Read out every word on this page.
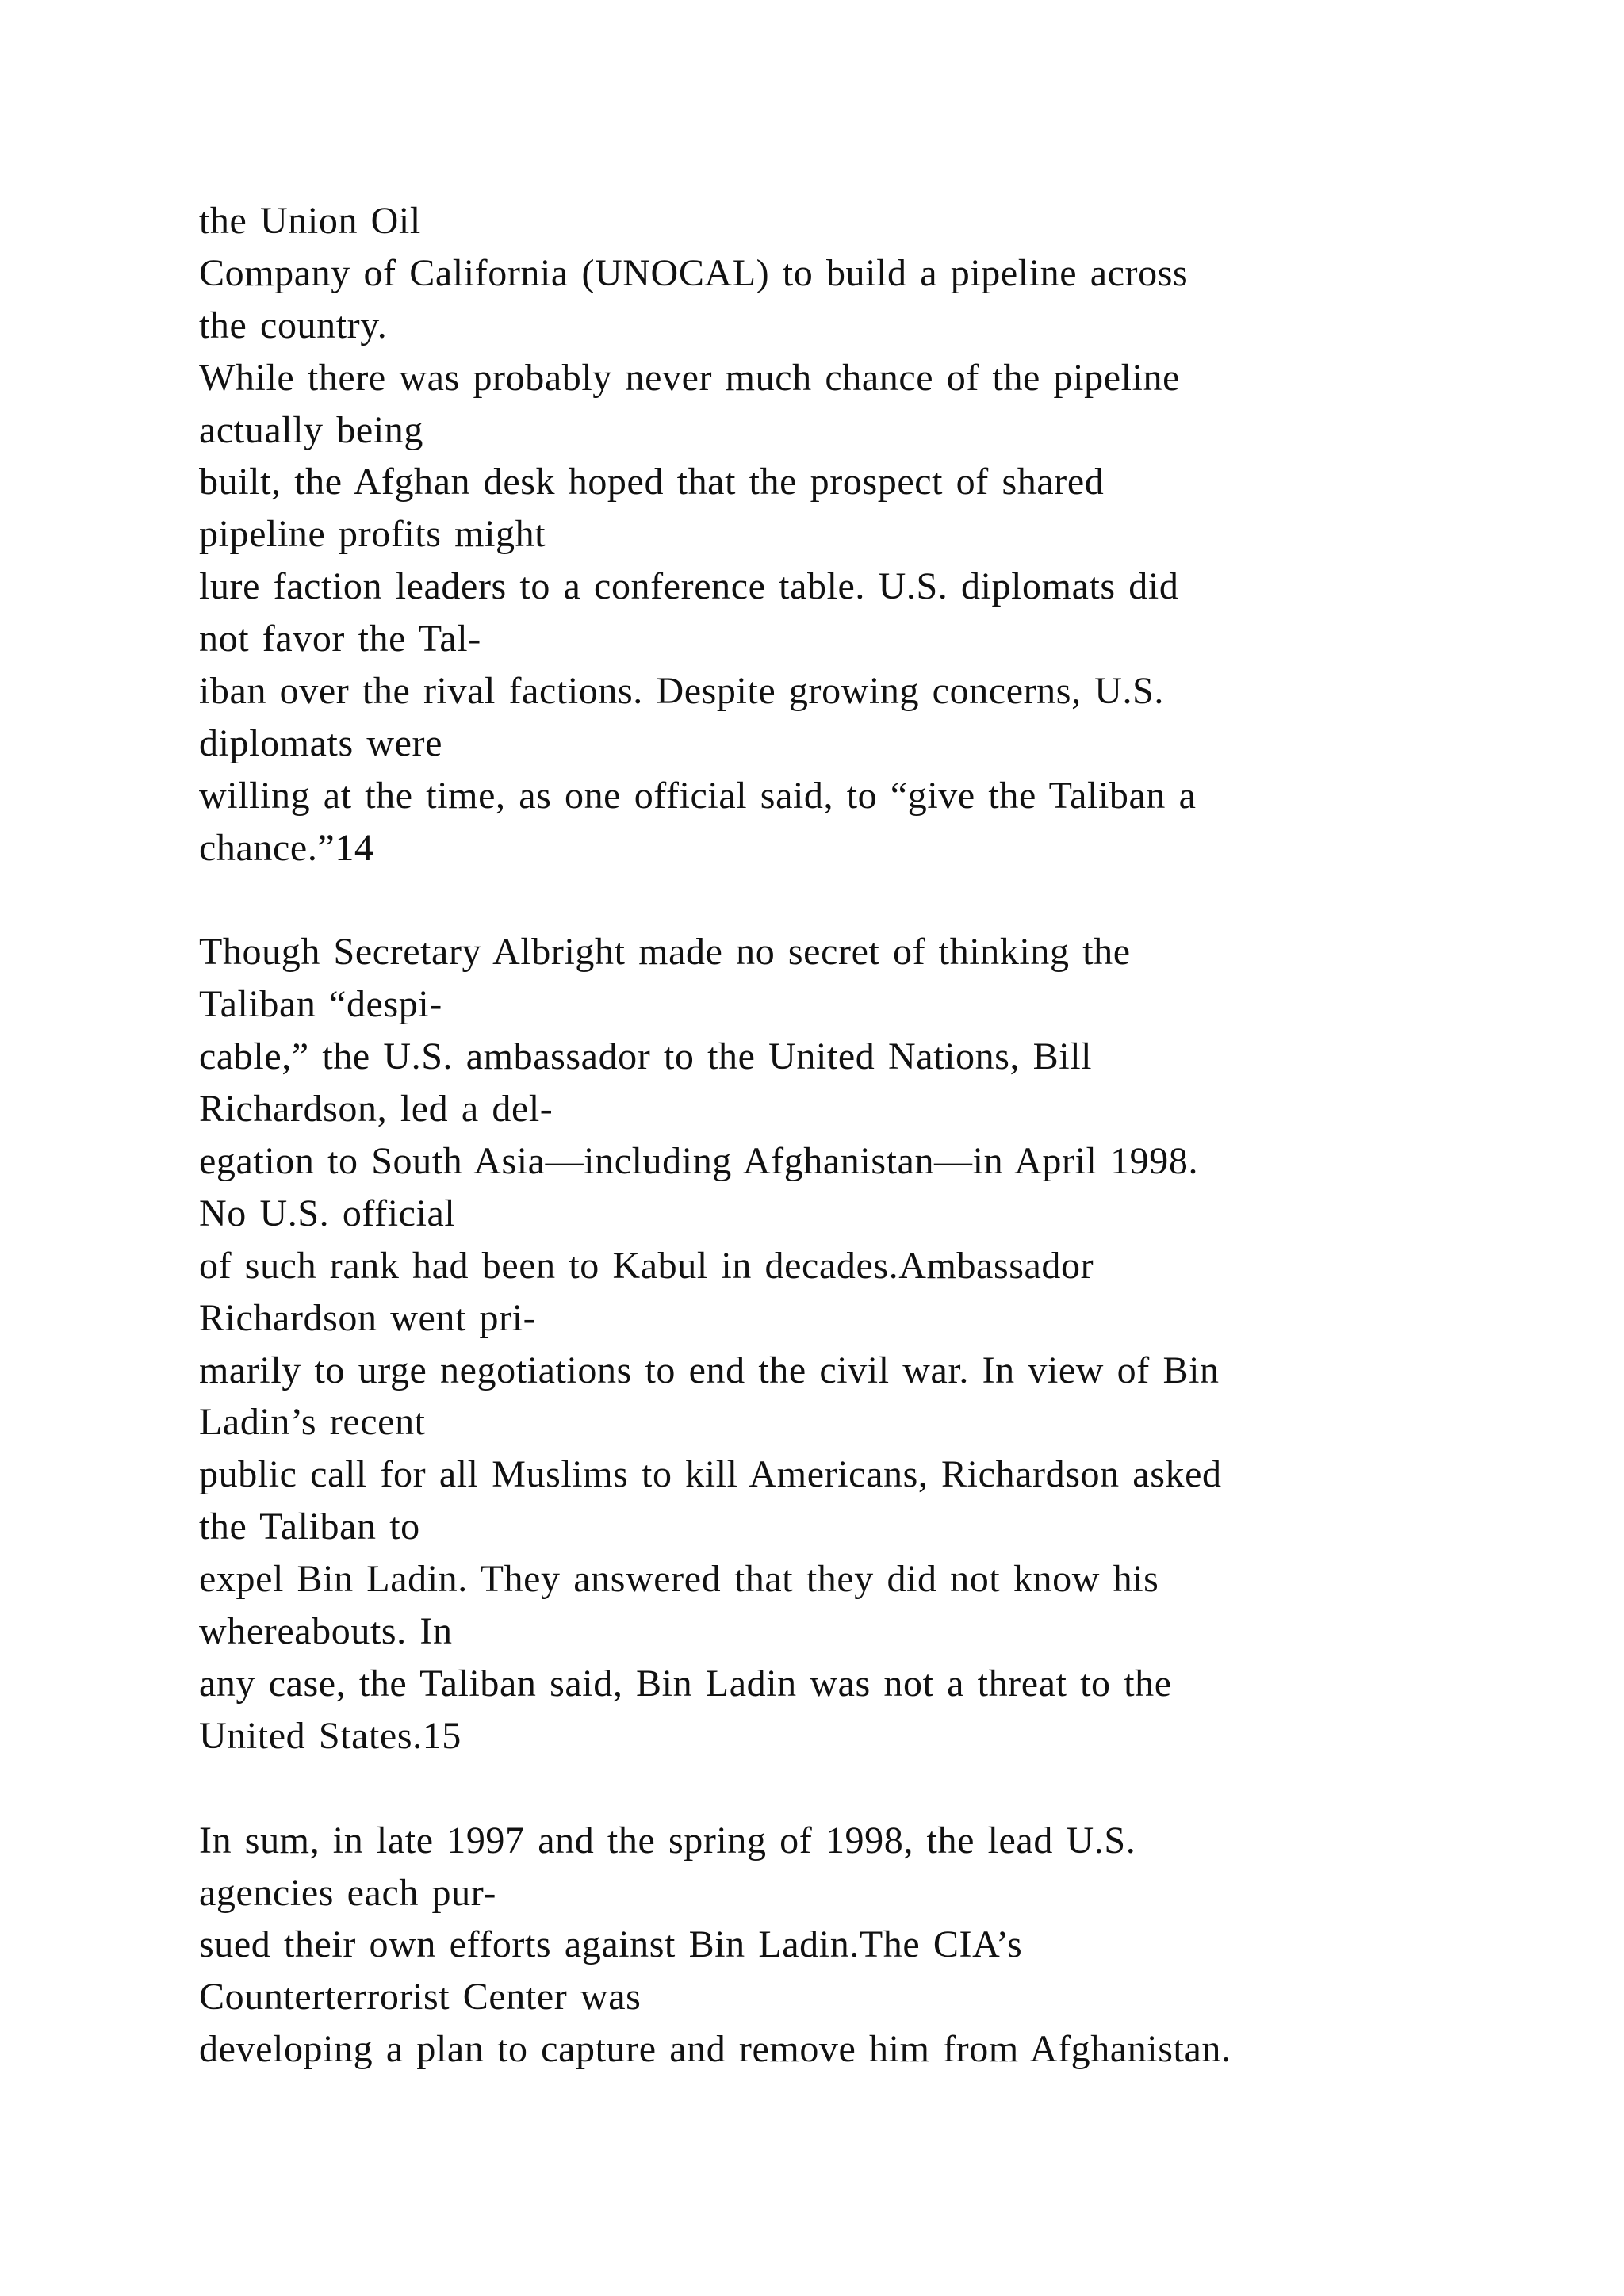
the Union Oil
Company of California (UNOCAL) to build a pipeline across
the country.
While there was probably never much chance of the pipeline
actually being
built, the Afghan desk hoped that the prospect of shared
pipeline profits might
lure faction leaders to a conference table. U.S. diplomats did
not favor the Tal-
iban over the rival factions. Despite growing concerns, U.S.
diplomats were
willing at the time, as one official said, to “give the Taliban a
chance.”14
Though Secretary Albright made no secret of thinking the
Taliban “despi-
cable,” the U.S. ambassador to the United Nations, Bill
Richardson, led a del-
egation to South Asia—including Afghanistan—in April 1998.
No U.S. official
of such rank had been to Kabul in decades.Ambassador
Richardson went pri-
marily to urge negotiations to end the civil war. In view of Bin
Ladin’s recent
public call for all Muslims to kill Americans, Richardson asked
the Taliban to
expel Bin Ladin. They answered that they did not know his
whereabouts. In
any case, the Taliban said, Bin Ladin was not a threat to the
United States.15
In sum, in late 1997 and the spring of 1998, the lead U.S.
agencies each pur-
sued their own efforts against Bin Ladin.The CIA’s
Counterterrorist Center was
developing a plan to capture and remove him from Afghanistan.
